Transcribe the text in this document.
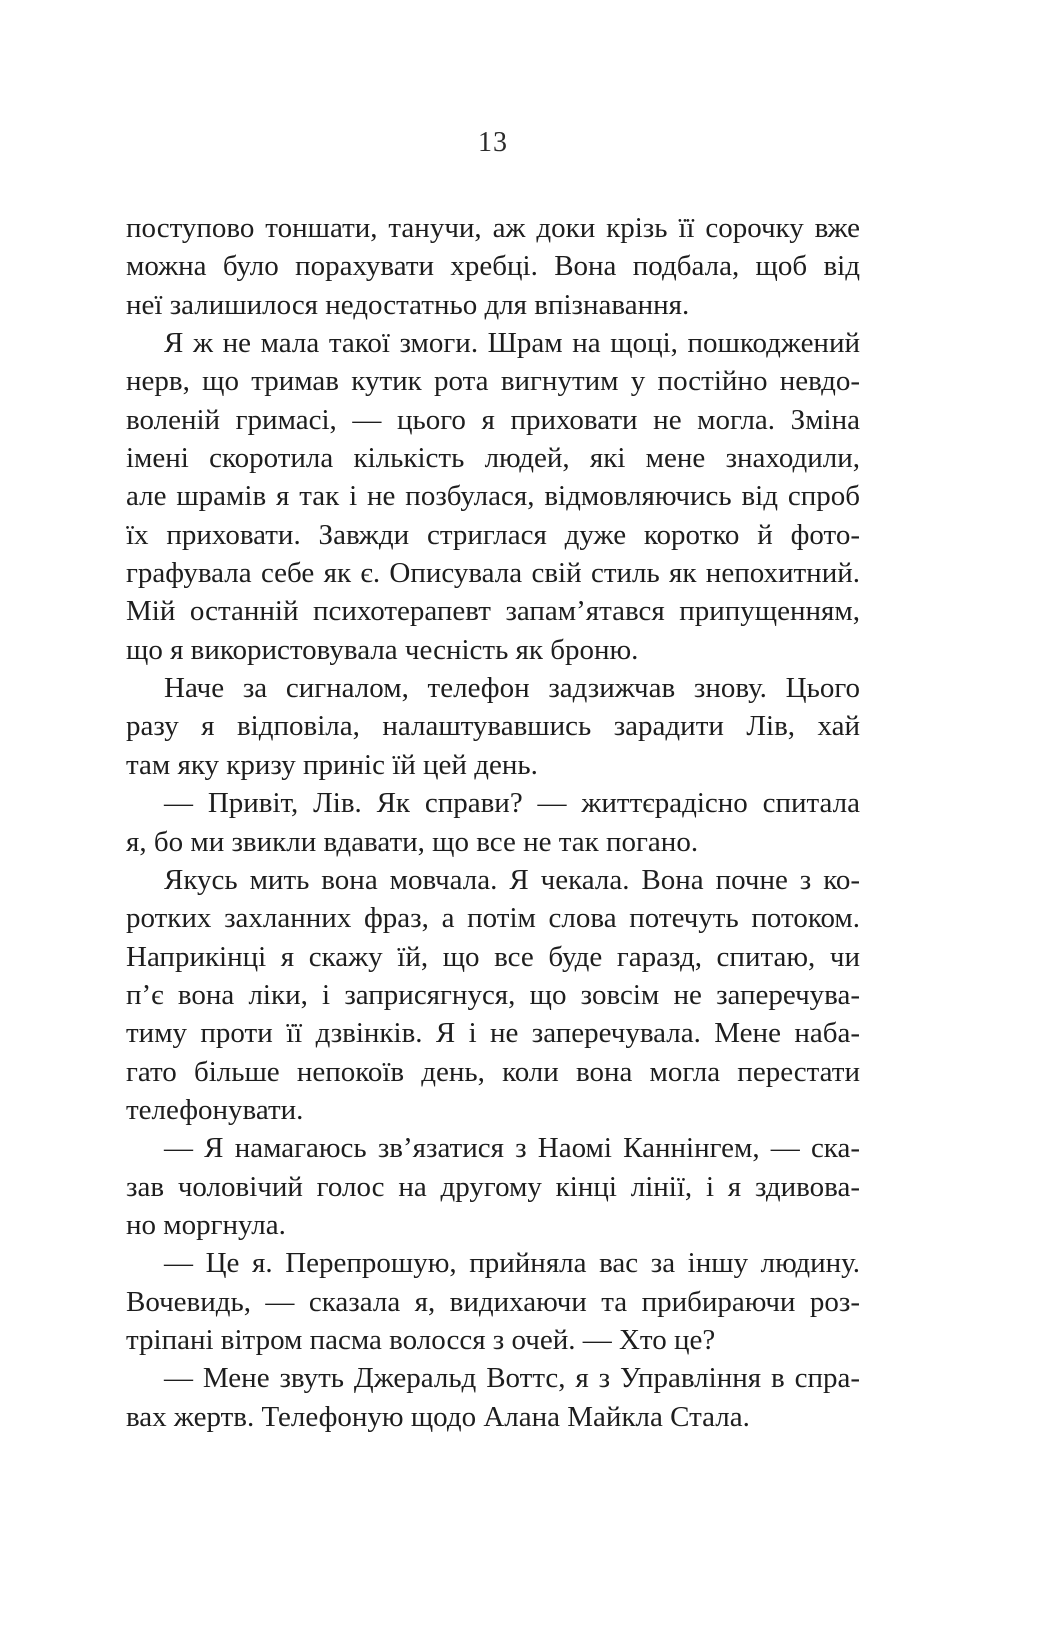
13
поступово тоншати, танучи, аж доки крізь її сорочку вже
можна було порахувати хребці. Вона подбала, щоб від
неї залишилося недостатньо для впізнавання.
Я ж не мала такої змоги. Шрам на щоці, пошкоджений
нерв, що тримав кутик рота вигнутим у постійно невдо-
воленій гримасі, — цього я приховати не могла. Зміна
імені скоротила кількість людей, які мене знаходили,
але шрамів я так і не позбулася, відмовляючись від спроб
їх приховати. Завжди стриглася дуже коротко й фото-
графувала себе як є. Описувала свій стиль як непохитний.
Мій останній психотерапевт запам’ятався припущенням,
що я використовувала чесність як броню.
Наче за сигналом, телефон задзижчав знову. Цього
разу я відповіла, налаштувавшись зарадити Лів, хай
там яку кризу приніс їй цей день.
— Привіт, Лів. Як справи? — життєрадісно спитала
я, бо ми звикли вдавати, що все не так погано.
Якусь мить вона мовчала. Я чекала. Вона почне з ко-
ротких захланних фраз, а потім слова потечуть потоком.
Наприкінці я скажу їй, що все буде гаразд, спитаю, чи
п’є вона ліки, і заприсягнуся, що зовсім не заперечува-
тиму проти її дзвінків. Я і не заперечувала. Мене наба-
гато більше непокоїв день, коли вона могла перестати
телефонувати.
— Я намагаюсь зв’язатися з Наомі Каннінгем, — ска-
зав чоловічий голос на другому кінці лінії, і я здивова-
но моргнула.
— Це я. Перепрошую, прийняла вас за іншу людину.
Вочевидь, — сказала я, видихаючи та прибираючи роз-
тріпані вітром пасма волосся з очей. — Хто це?
— Мене звуть Джеральд Воттс, я з Управління в спра-
вах жертв. Телефоную щодо Алана Майкла Стала.
